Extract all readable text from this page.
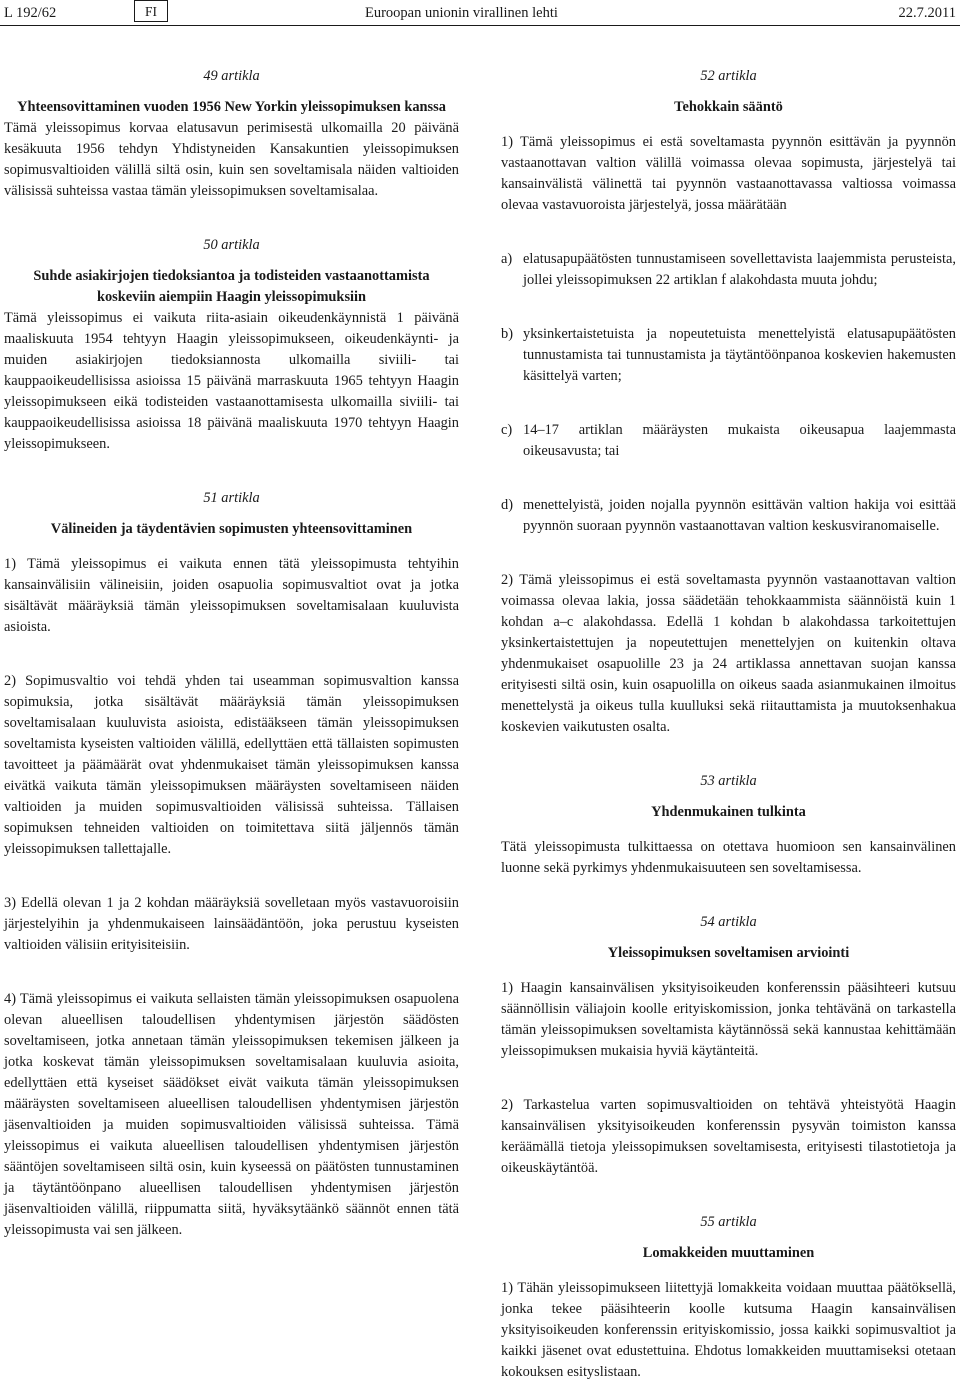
L 192/62	FI	Euroopan unionin virallinen lehti	22.7.2011

49 artikla

Yhteensovittaminen vuoden 1956 New Yorkin yleissopimuksen kanssa

Tämä yleissopimus korvaa elatusavun perimisestä ulkomailla 20 päivänä kesäkuuta 1956 tehdyn Yhdistyneiden Kansakuntien yleissopimuksen sopimusvaltioiden välillä siltä osin, kuin sen soveltamisala näiden valtioiden välisissä suhteissa vastaa tämän yleissopimuksen soveltamisalaa.

50 artikla

Suhde asiakirjojen tiedoksiantoa ja todisteiden vastaanottamista koskeviin aiempiin Haagin yleissopimuksiin

Tämä yleissopimus ei vaikuta riita-asiain oikeudenkäynnistä 1 päivänä maaliskuuta 1954 tehtyyn Haagin yleissopimukseen, oikeudenkäynti- ja muiden asiakirjojen tiedoksiannosta ulkomailla siviili- tai kauppaoikeudellisissa asioissa 15 päivänä marraskuuta 1965 tehtyyn Haagin yleissopimukseen eikä todisteiden vastaanottamisesta ulkomailla siviili- tai kauppaoikeudellisissa asioissa 18 päivänä maaliskuuta 1970 tehtyyn Haagin yleissopimukseen.

51 artikla

Välineiden ja täydentävien sopimusten yhteensovittaminen

1) Tämä yleissopimus ei vaikuta ennen tätä yleissopimusta tehtyihin kansainvälisiin välineisiin, joiden osapuolia sopimusvaltiot ovat ja jotka sisältävät määräyksiä tämän yleissopimuksen soveltamisalaan kuuluvista asioista.

2) Sopimusvaltio voi tehdä yhden tai useamman sopimusvaltion kanssa sopimuksia, jotka sisältävät määräyksiä tämän yleissopimuksen soveltamisalaan kuuluvista asioista, edistääkseen tämän yleissopimuksen soveltamista kyseisten valtioiden välillä, edellyttäen että tällaisten sopimusten tavoitteet ja päämäärät ovat yhdenmukaiset tämän yleissopimuksen kanssa eivätkä vaikuta tämän yleissopimuksen määräysten soveltamiseen näiden valtioiden ja muiden sopimusvaltioiden välisissä suhteissa. Tällaisen sopimuksen tehneiden valtioiden on toimitettava siitä jäljennös tämän yleissopimuksen tallettajalle.

3) Edellä olevan 1 ja 2 kohdan määräyksiä sovelletaan myös vastavuoroisiin järjestelyihin ja yhdenmukaiseen lainsäädäntöön, joka perustuu kyseisten valtioiden välisiin erityisiteisiin.

4) Tämä yleissopimus ei vaikuta sellaisten tämän yleissopimuksen osapuolena olevan alueellisen taloudellisen yhdentymisen järjestön säädösten soveltamiseen, jotka annetaan tämän yleissopimuksen tekemisen jälkeen ja jotka koskevat tämän yleissopimuksen soveltamisalaan kuuluvia asioita, edellyttäen että kyseiset säädökset eivät vaikuta tämän yleissopimuksen määräysten soveltamiseen alueellisen taloudellisen yhdentymisen järjestön jäsenvaltioiden ja muiden sopimusvaltioiden välisissä suhteissa. Tämä yleissopimus ei vaikuta alueellisen taloudellisen yhdentymisen järjestön sääntöjen soveltamiseen siltä osin, kuin kyseessä on päätösten tunnustaminen ja täytäntöönpano alueellisen taloudellisen yhdentymisen järjestön jäsenvaltioiden välillä, riippumatta siitä, hyväksytäänkö säännöt ennen tätä yleissopimusta vai sen jälkeen.

52 artikla

Tehokkain sääntö

1) Tämä yleissopimus ei estä soveltamasta pyynnön esittävän ja pyynnön vastaanottavan valtion välillä voimassa olevaa sopimusta, järjestelyä tai kansainvälistä välinettä tai pyynnön vastaanottavassa valtiossa voimassa olevaa vastavuoroista järjestelyä, jossa määrätään

a) elatusapupäätösten tunnustamiseen sovellettavista laajemmista perusteista, jollei yleissopimuksen 22 artiklan f alakohdasta muuta johdu;
b) yksinkertaistetuista ja nopeutetuista menettelyistä elatusapupäätösten tunnustamista tai tunnustamista ja täytäntöönpanoa koskevien hakemusten käsittelyä varten;
c) 14–17 artiklan määräysten mukaista oikeusapua laajemmasta oikeusavusta; tai
d) menettelyistä, joiden nojalla pyynnön esittävän valtion hakija voi esittää pyynnön suoraan pyynnön vastaanottavan valtion keskusviranomaiselle.

2) Tämä yleissopimus ei estä soveltamasta pyynnön vastaanottavan valtion voimassa olevaa lakia, jossa säädetään tehokkaammista säännöistä kuin 1 kohdan a–c alakohdassa. Edellä 1 kohdan b alakohdassa tarkoitettujen yksinkertaistettujen ja nopeutettujen menettelyjen on kuitenkin oltava yhdenmukaiset osapuolille 23 ja 24 artiklassa annettavan suojan kanssa erityisesti siltä osin, kuin osapuolilla on oikeus saada asianmukainen ilmoitus menettelystä ja oikeus tulla kuulluksi sekä riitauttamista ja muutoksenhakua koskevien vaikutusten osalta.

53 artikla

Yhdenmukainen tulkinta

Tätä yleissopimusta tulkittaessa on otettava huomioon sen kansainvälinen luonne sekä pyrkimys yhdenmukaisuuteen sen soveltamisessa.

54 artikla

Yleissopimuksen soveltamisen arviointi

1) Haagin kansainvälisen yksityisoikeuden konferenssin pääsihteeri kutsuu säännöllisin väliajoin koolle erityiskomission, jonka tehtävänä on tarkastella tämän yleissopimuksen soveltamista käytännössä sekä kannustaa kehittämään yleissopimuksen mukaisia hyviä käytänteitä.

2) Tarkastelua varten sopimusvaltioiden on tehtävä yhteistyötä Haagin kansainvälisen yksityisoikeuden konferenssin pysyvän toimiston kanssa keräämällä tietoja yleissopimuksen soveltamisesta, erityisesti tilastotietoja ja oikeuskäytäntöä.

55 artikla

Lomakkeiden muuttaminen

1) Tähän yleissopimukseen liitettyjä lomakkeita voidaan muuttaa päätöksellä, jonka tekee pääsihteerin koolle kutsuma Haagin kansainvälisen yksityisoikeuden konferenssin erityiskomissio, jossa kaikki sopimusvaltiot ja kaikki jäsenet ovat edustettuina. Ehdotus lomakkeiden muuttamiseksi otetaan kokouksen esityslistaan.
